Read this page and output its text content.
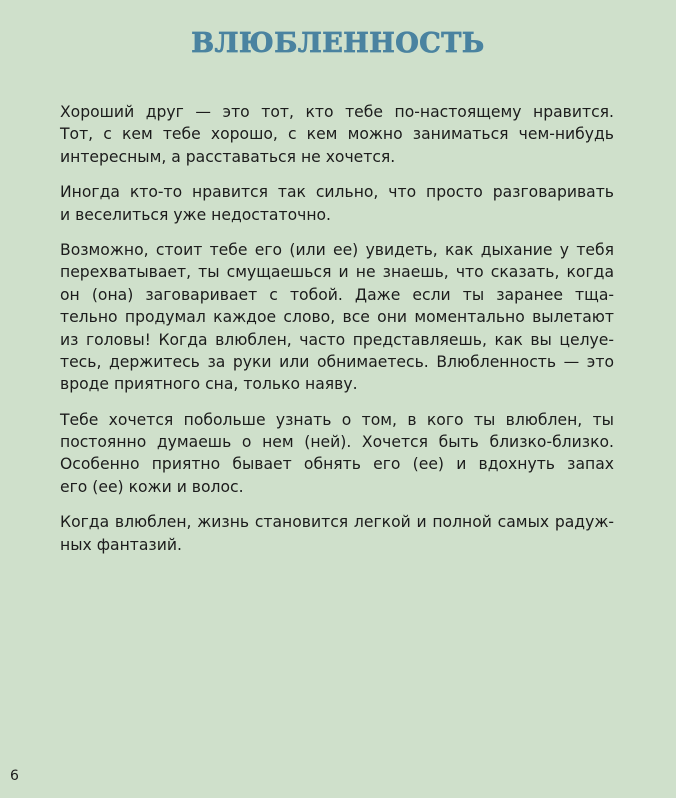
ВЛЮБЛЕННОСТЬ
Хороший друг — это тот, кто тебе по-настоящему нравится.
Тот, с кем тебе хорошо, с кем можно заниматься чем-нибудь
интересным, а расставаться не хочется.
Иногда кто-то нравится так сильно, что просто разговаривать
и веселиться уже недостаточно.
Возможно, стоит тебе его (или ее) увидеть, как дыхание у тебя
перехватывает, ты смущаешься и не знаешь, что сказать, когда
он (она) заговаривает с тобой. Даже если ты заранее тща-
тельно продумал каждое слово, все они моментально вылетают
из головы! Когда влюблен, часто представляешь, как вы целуе-
тесь, держитесь за руки или обнимаетесь. Влюбленность — это
вроде приятного сна, только наяву.
Тебе хочется побольше узнать о том, в кого ты влюблен, ты
постоянно думаешь о нем (ней). Хочется быть близко-близко.
Особенно приятно бывает обнять его (ее) и вдохнуть запах
его (ее) кожи и волос.
Когда влюблен, жизнь становится легкой и полной самых радуж-
ных фантазий.
6
